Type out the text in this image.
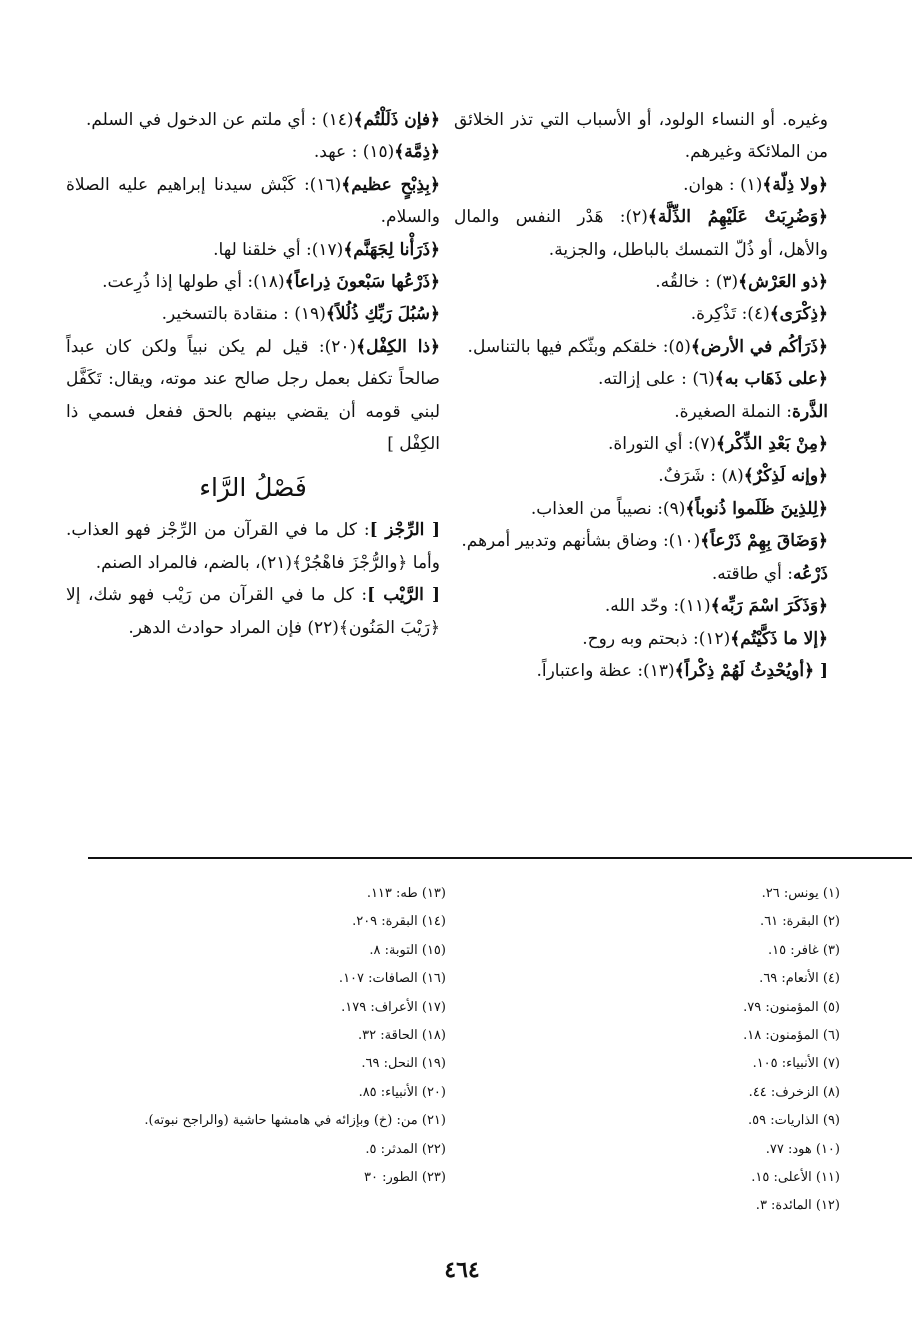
وغيره. أو النساء الولود، أو الأسباب التي تذر الخلائق من الملائكة وغيرهم.

﴿ولا ذِلّة﴾(١) : هوان.

﴿وَضُرِبَتْ عَلَيْهِمُ الذِّلَّة﴾(٢): هَدْر النفس والمال والأهل، أو ذُلّ التمسك بالباطل، والجزية.

﴿ذو العَرْش﴾(٣) : خالقُه.

﴿ذِكْرَى﴾(٤): تَذْكِرة.

﴿ذَرَأكُم في الأرض﴾(٥): خلقكم وبثّكم فيها بالتناسل.

﴿على ذَهَاب به﴾(٦) : على إزالته.

الذَّرة: النملة الصغيرة.

﴿مِنْ بَعْدِ الذِّكْر﴾(٧): أي التوراة.

﴿وإنه لَذِكْرٌ﴾(٨) : شَرَفٌ.

﴿لِلذِينَ ظَلَموا ذُنوباً﴾(٩): نصيباً من العذاب.

﴿وَضَاقَ بِهِمْ ذَرْعاً﴾(١٠): وضاق بشأنهم وتدبير أمرهم.

ذَرْعُه: أي طاقته.

﴿وَذَكَرَ اسْمَ رَبِّه﴾(١١): وحّد الله.

﴿إلا ما ذَكَّيْتُم﴾(١٢): ذبحتم وبه روح.

[ ﴿أويُحْدِثُ لَهُمْ ذِكْراً﴾(١٣): عظة واعتباراً.

﴿فإن ذَلَلْتُم﴾(١٤) : أي ملتم عن الدخول في السلم.

﴿ذِمَّة﴾(١٥) : عهد.

﴿بِذِبْحٍ عظيم﴾(١٦): كَبْش سيدنا إبراهيم عليه الصلاة والسلام.

﴿ذَرَأْنا لِجَهَنَّم﴾(١٧): أي خلقنا لها.

﴿ذَرْعُها سَبْعونَ ذِراعاً﴾(١٨): أي طولها إذا ذُرِعت.

﴿سُبُلَ رَبِّكِ ذُلُلاً﴾(١٩) : منقادة بالتسخير.

﴿ذا الكِفْل﴾(٢٠): قيل لم يكن نبياً ولكن كان عبداً صالحاً تكفل بعمل رجل صالح عند موته، ويقال: تَكَفَّل لبني قومه أن يقضي بينهم بالحق ففعل فسمي ذا الكِفْل ]

فَصْلُ الرَّاء

[ الرِّجْز ]: كل ما في القرآن من الرِّجْز فهو العذاب. وأما ﴿والرُّجْزَ فاهْجُرْ﴾(٢١)، بالضم، فالمراد الصنم.

[ الرَّيْب ]: كل ما في القرآن من رَيْب فهو شك، إلا ﴿رَيْبَ المَنُون﴾(٢٢) فإن المراد حوادث الدهر.

(١) يونس: ٢٦.
(٢) البقرة: ٦١.
(٣) غافر: ١٥.
(٤) الأنعام: ٦٩.
(٥) المؤمنون: ٧٩.
(٦) المؤمنون: ١٨.
(٧) الأنبياء: ١٠٥.
(٨) الزخرف: ٤٤.
(٩) الذاريات: ٥٩.
(١٠) هود: ٧٧.
(١١) الأعلى: ١٥.
(١٢) المائدة: ٣.
(١٣) طه: ١١٣.
(١٤) البقرة: ٢٠٩.
(١٥) التوبة: ٨.
(١٦) الصافات: ١٠٧.
(١٧) الأعراف: ١٧٩.
(١٨) الحاقة: ٣٢.
(١٩) النحل: ٦٩.
(٢٠) الأنبياء: ٨٥.
(٢١) من: (خ) وبإزائه في هامشها حاشية (والراجح نبوته).
(٢٢) المدثر: ٥.
(٢٣) الطور: ٣٠
٤٦٤
